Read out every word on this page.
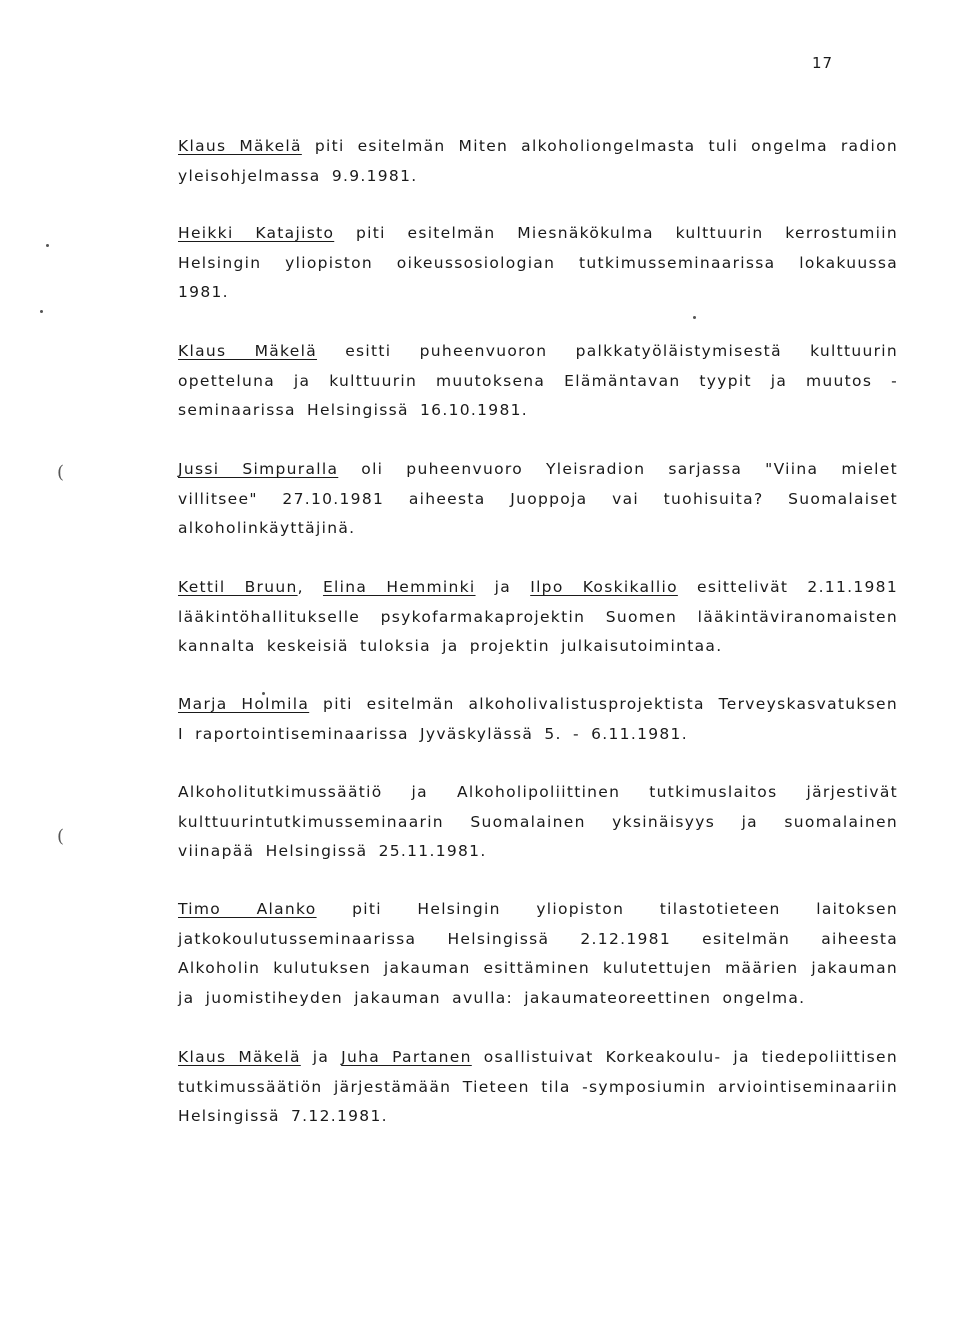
17

Klaus Mäkelä piti esitelmän Miten alkoholiongelmasta tuli ongelma radion yleisohjelmassa 9.9.1981.

Heikki Katajisto piti esitelmän Miesnäkökulma kulttuurin kerrostumiin Helsingin yliopiston oikeussosiologian tutkimusseminaarissa lokakuussa 1981.

Klaus Mäkelä esitti puheenvuoron palkkatyöläistymisestä kulttuurin opetteluna ja kulttuurin muutoksena Elämäntavan tyypit ja muutos -seminaarissa Helsingissä 16.10.1981.

Jussi Simpuralla oli puheenvuoro Yleisradion sarjassa "Viina mielet villitsee" 27.10.1981 aiheesta Juoppoja vai tuohisuita? Suomalaiset alkoholinkäyttäjinä.

Kettil Bruun, Elina Hemminki ja Ilpo Koskikallio esittelivät 2.11.1981 lääkintöhallitukselle psykofarmakaprojektin Suomen lääkintäviranomaisten kannalta keskeisiä tuloksia ja projektin julkaisutoimintaa.

Marja Holmila piti esitelmän alkoholivalistusprojektista Terveyskasvatuksen I raportointiseminaarissa Jyväskylässä 5. - 6.11.1981.

Alkoholitutkimussäätiö ja Alkoholipoliittinen tutkimuslaitos järjestivät kulttuurintutkimusseminaarin Suomalainen yksinäisyys ja suomalainen viinapää Helsingissä 25.11.1981.

Timo Alanko piti Helsingin yliopiston tilastotieteen laitoksen jatkokoulutusseminaarissa Helsingissä 2.12.1981 esitelmän aiheesta Alkoholin kulutuksen jakauman esittäminen kulutettujen määrien jakauman ja juomistiheyden jakauman avulla: jakaumateoreettinen ongelma.

Klaus Mäkelä ja Juha Partanen osallistuivat Korkeakoulu- ja tiedepoliittisen tutkimussäätiön järjestämään Tieteen tila -symposiumin arviointiseminaariin Helsingissä 7.12.1981.

(
(
